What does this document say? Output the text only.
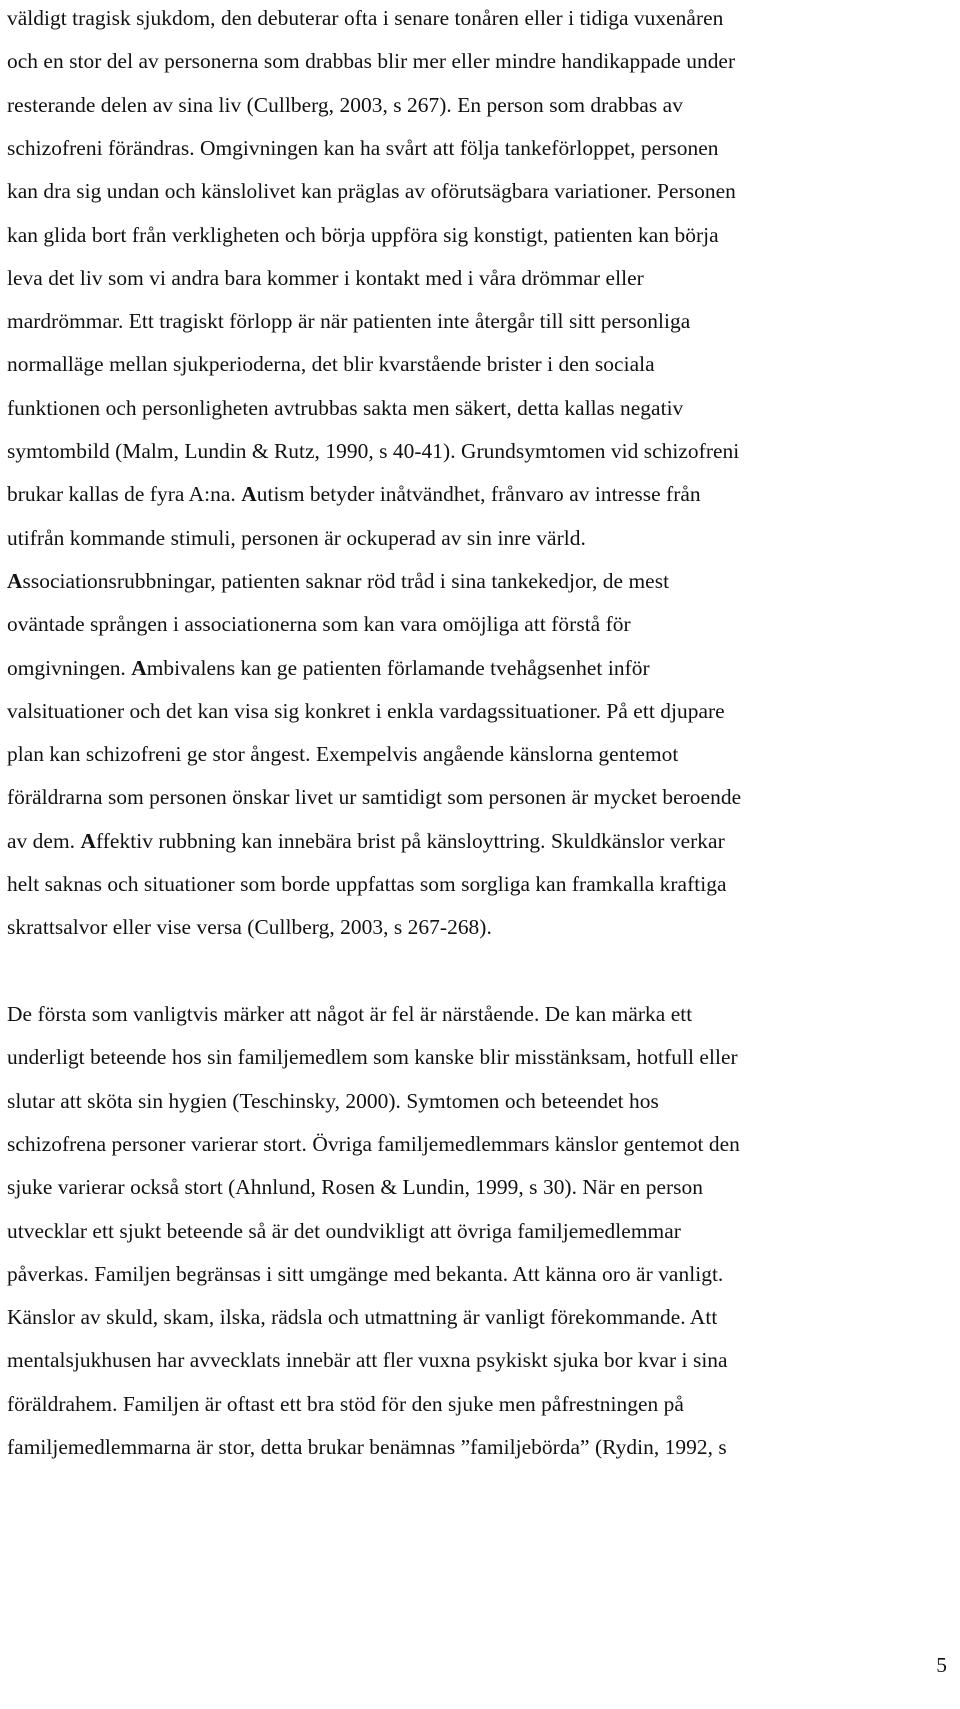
väldigt tragisk sjukdom, den debuterar ofta i senare tonåren eller i tidiga vuxenåren
och en stor del av personerna som drabbas blir mer eller mindre handikappade under
resterande delen av sina liv (Cullberg, 2003, s 267). En person som drabbas av
schizofreni förändras. Omgivningen kan ha svårt att följa tankeförloppet, personen
kan dra sig undan och känslolivet kan präglas av oförutsägbara variationer. Personen
kan glida bort från verkligheten och börja uppföra sig konstigt, patienten kan börja
leva det liv som vi andra bara kommer i kontakt med i våra drömmar eller
mardrömmar. Ett tragiskt förlopp är när patienten inte återgår till sitt personliga
normalläge mellan sjukperioderna, det blir kvarstående brister i den sociala
funktionen och personligheten avtrubbas sakta men säkert, detta kallas negativ
symtombild (Malm, Lundin & Rutz, 1990, s 40-41). Grundsymtomen vid schizofreni
brukar kallas de fyra A:na. Autism betyder inåtvändhet, frånvaro av intresse från
utifrån kommande stimuli, personen är ockuperad av sin inre värld.
Associationsrubbningar, patienten saknar röd tråd i sina tankekedjor, de mest
oväntade sprången i associationerna som kan vara omöjliga att förstå för
omgivningen. Ambivalens kan ge patienten förlamande tvehågsenhet inför
valsituationer och det kan visa sig konkret i enkla vardagssituationer. På ett djupare
plan kan schizofreni ge stor ångest. Exempelvis angående känslorna gentemot
föräldrarna som personen önskar livet ur samtidigt som personen är mycket beroende
av dem. Affektiv rubbning kan innebära brist på känsloyttring. Skuldkänslor verkar
helt saknas och situationer som borde uppfattas som sorgliga kan framkalla kraftiga
skrattsalvor eller vise versa (Cullberg, 2003, s 267-268).
De första som vanligtvis märker att något är fel är närstående. De kan märka ett
underligt beteende hos sin familjemedlem som kanske blir misstänksam, hotfull eller
slutar att sköta sin hygien (Teschinsky, 2000). Symtomen och beteendet hos
schizofrena personer varierar stort. Övriga familjemedlemmars känslor gentemot den
sjuke varierar också stort (Ahnlund, Rosen & Lundin, 1999, s 30). När en person
utvecklar ett sjukt beteende så är det oundvikligt att övriga familjemedlemmar
påverkas. Familjen begränsas i sitt umgänge med bekanta. Att känna oro är vanligt.
Känslor av skuld, skam, ilska, rädsla och utmattning är vanligt förekommande. Att
mentalsjukhusen har avvecklats innebär att fler vuxna psykiskt sjuka bor kvar i sina
föräldrahem. Familjen är oftast ett bra stöd för den sjuke men påfrestningen på
familjemedlemmarna är stor, detta brukar benämnas ”familjebörda” (Rydin, 1992, s
5
